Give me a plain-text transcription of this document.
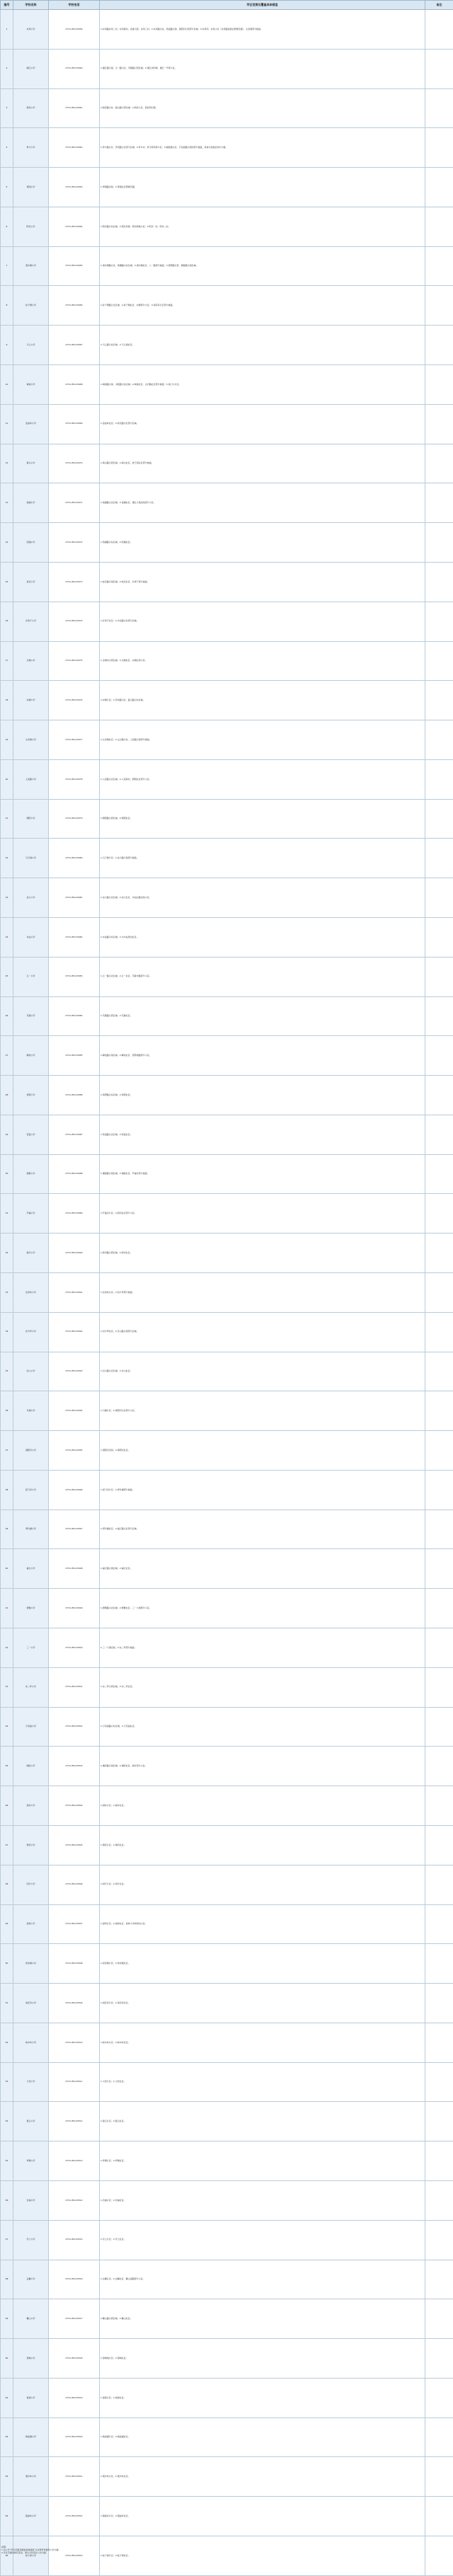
编号	学校名称	学校电话	学区范围及覆盖具体楼盘	备注
1	东风小学	0731-85123456	1.东风路东风二村、东风新村、省委大院、东风三村；2.东风路以东、营盘路以南、浏阳河以西部分区域；3.东风苑、东风小区（东风路居委会管辖范围）、左家塘部分楼盘。	
2	湘江小学	0731-85123460	1.湘江路以南、五一路以北、芙蓉路以西区域；2.湘江世纪城、湘江一号等小区。	
3	新民小学	0731-85123461	1.新民路以东、韶山路以西区域；2.新民小区、新民西村等。	
4	育才小学	0731-85123462	1.育才路片区、育英路以北部分区域；2.育才村、育才新苑等小区；3.湘府路以北、万家丽路以西的部分楼盘，具体以居委会划分为准。	
5	青园小学	0731-85123463	1.青园路沿线；2.青园社区管辖范围。	
6	阳光小学	0731-85123464	1.阳光路以东区域；2.阳光家园、阳光新城小区；3.阳光一村、阳光二村。	
7	清水塘小学	0731-85123465	1.清水塘路以北、建湘路以东区域；2.清水塘社区、八一路部分楼盘；3.蔡锷路以西、湘春路以南区域。	
8	砂子塘小学	0731-85123466	1.砂子塘路以北区域；2.砂子塘社区、东塘部分小区；3.雨花亭片区部分楼盘。	
9	天心小学	0731-85123467	1.天心路以东区域；2.天心阁社区。	
10	城南小学	0731-85123468	1.城南路以南、书院路以东区域；2.城南社区、白沙路社区部分楼盘；3.南门口片区。	
11	金盆岭小学	0731-85123469	1.金盆岭社区；2.桂花路以北部分区域。	
12	黄兴小学	0731-85123470	1.黄兴路以西区域；2.黄兴社区、坡子街社区部分楼盘。	
13	南湖小学	0731-85123471	1.南湖路以北区域；2.南湖社区、湘江大道沿线部分小区。	
14	西湖小学	0731-85123472	1.西湖路以东区域；2.西湖社区。	
15	桂花小学	0731-85123473	1.桂花路以南区域；2.桂花社区、井湾子部分楼盘。	
16	井湾子小学	0731-85123474	1.井湾子社区；2.中意路以北部分区域。	
17	圭塘小学	0731-85123475	1.圭塘河以西区域；2.圭塘社区、东塘北部小区。	
18	东塘小学	0731-85123476	1.东塘片区；2.劳动路以北、韶山路以东区域。	
19	左家塘小学	0731-85123477	1.左家塘社区；2.古汉路以东、人民路以南部分楼盘。	
20	人民路小学	0731-85123478	1.人民路以北区域；2.人民新村、朝阳社区部分小区。	
21	朝阳小学	0731-85123479	1.朝阳路以西区域；2.朝阳社区。	
22	马王堆小学	0731-85123480	1.马王堆片区；2.远大路以南部分楼盘。	
23	远大小学	0731-85123481	1.远大路以北区域；2.远大社区、车站北路沿线小区。	
24	车站小学	0731-85123482	1.车站路以东区域；2.火车站周边社区。	
25	五一小学	0731-85123483	1.五一路以北区域；2.五一社区、芙蓉中路部分小区。	
26	芙蓉小学	0731-85123484	1.芙蓉路以西区域；2.芙蓉社区。	
27	解放小学	0731-85123485	1.解放路以南区域；2.解放社区、蔡锷南路部分小区。	
28	蔡锷小学	0731-85123486	1.蔡锷路以东区域；2.蔡锷社区。	
29	营盘小学	0731-85123487	1.营盘路以北区域；2.营盘社区。	
30	湘春小学	0731-85123488	1.湘春路以南区域；2.湘春社区、开福寺部分楼盘。	
31	开福小学	0731-85123489	1.开福寺片区；2.新河社区部分小区。	
32	新河小学	0731-85123490	1.新河路以西区域；2.新河社区。	
33	伍家岭小学	0731-85123491	1.伍家岭片区；2.四方坪部分楼盘。	
34	四方坪小学	0731-85123492	1.四方坪社区；2.洪山路以南部分区域。	
35	洪山小学	0731-85123493	1.洪山路以北区域；2.洪山社区。	
36	月湖小学	0731-85123494	1.月湖片区；2.浏阳河以东部分小区。	
37	浏阳河小学	0731-85123495	1.浏阳河沿线；2.浏阳河社区。	
38	捞刀河小学	0731-85123496	1.捞刀河片区；2.青竹湖部分楼盘。	
39	青竹湖小学	0731-85123497	1.青竹湖社区；2.福元路以北部分区域。	
40	福元小学	0731-85123498	1.福元路以南区域；2.福元社区。	
41	德雅小学	0731-85123499	1.德雅路以北区域；2.德雅社区、三一大道部分小区。	
42	三一小学	0731-85123500	1.三一大道沿线；2.东二环部分楼盘。	
43	东二环小学	0731-85123501	1.东二环以西区域；2.东二环社区。	
44	万家丽小学	0731-85123502	1.万家丽路以东区域；2.万家丽社区。	
45	湘府小学	0731-85123503	1.湘府路以南区域；2.湘府社区、洞井部分小区。	
46	洞井小学	0731-85123504	1.洞井片区；2.洞井社区。	
47	黎托小学	0731-85123505	1.黎托片区；2.黎托社区。	
48	同升小学	0731-85123506	1.同升片区；2.同升社区。	
49	高桥小学	0731-85123507	1.高桥片区；2.高桥社区、高桥大市场周边小区。	
50	侯家塘小学	0731-85123508	1.侯家塘片区；2.侯家塘社区。	
51	雨花亭小学	0731-85123509	1.雨花亭片区；2.雨花亭社区。	
52	树木岭小学	0731-85123510	1.树木岭片区；2.树木岭社区。	
53	大托小学	0731-85123511	1.大托片区；2.大托社区。	
54	暮云小学	0731-85123512	1.暮云片区；2.暮云社区。	
55	坪塘小学	0731-85123513	1.坪塘片区；2.坪塘社区。	
56	含浦小学	0731-85123514	1.含浦片区；2.含浦社区。	
57	学士小学	0731-85123515	1.学士片区；2.学士社区。	
58	岳麓小学	0731-85123516	1.岳麓片区；2.岳麓社区、麓山南路部分小区。	
59	麓山小学	0731-85123517	1.麓山路以西区域；2.麓山社区。	
60	望城小学	0731-85123518	1.望城坡片区；2.望城社区。	
61	雷锋小学	0731-85123519	1.雷锋片区；2.雷锋社区。	
62	梅溪湖小学	0731-85123520	1.梅溪湖片区；2.梅溪湖社区。	
63	观沙岭小学	0731-85123521	1.观沙岭片区；2.观沙岭社区。	
64	银盆岭小学	0731-85123522	1.银盆岭片区；2.银盆岭社区。	
65	桔子洲小学	0731-85123523	1.桔子洲片区；2.桔子洲社区。	
说明：
1.各小学"学区范围及覆盖具体楼盘"以区教育局最终公布为准。
2.学区范围内如有变动，请以当年招生公告为准。
